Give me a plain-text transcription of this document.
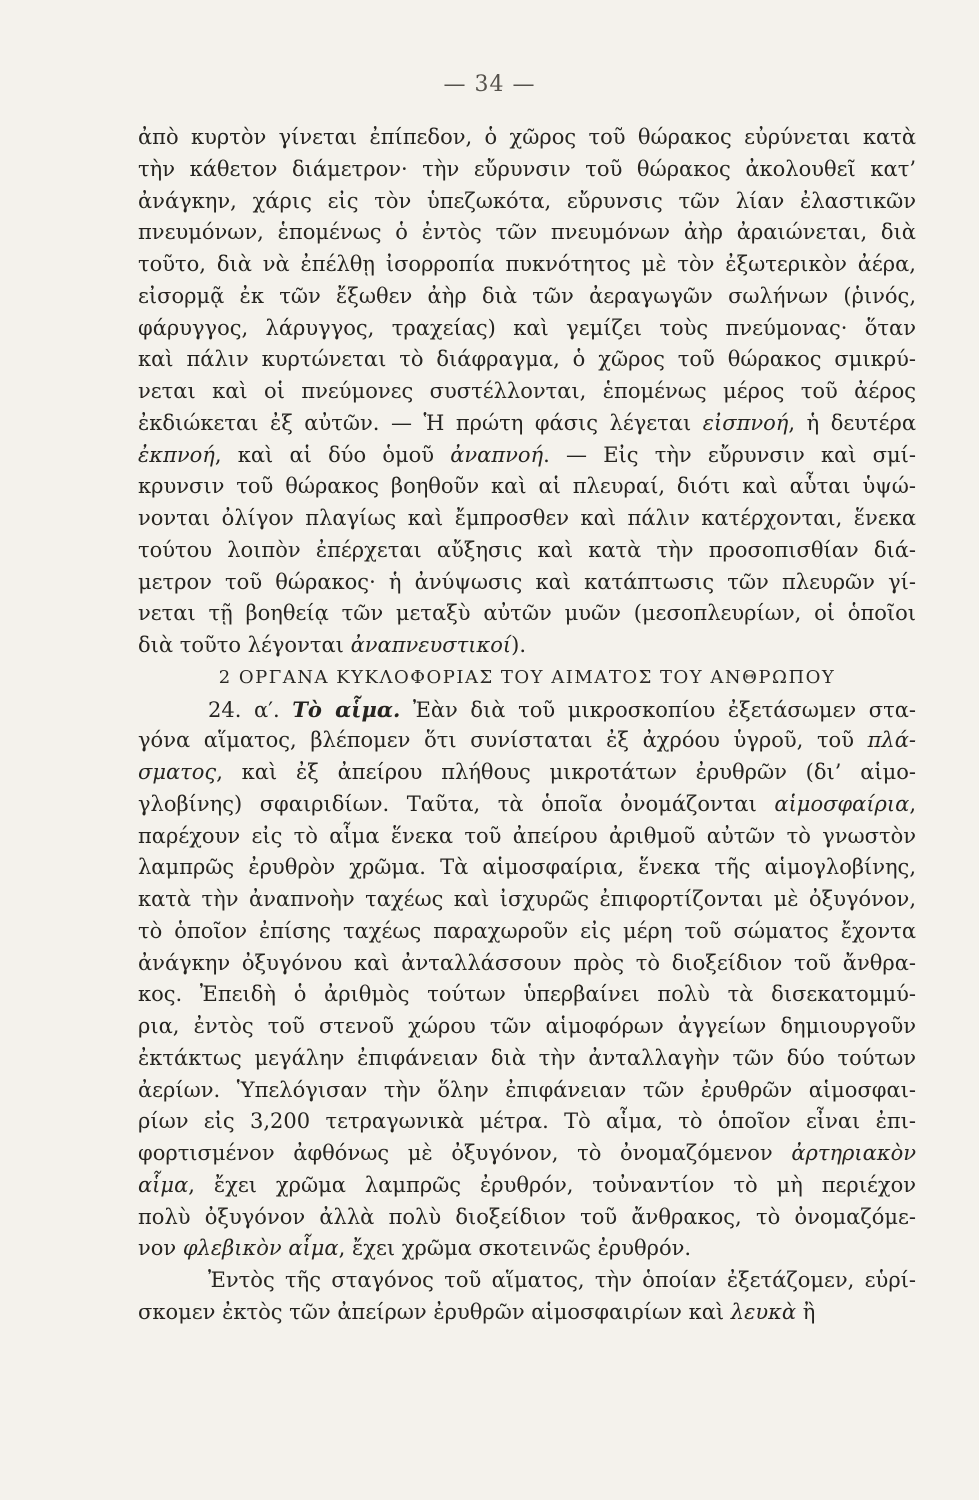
— 34 —
ἀπὸ κυρτὸν γίνεται ἐπίπεδον, ὁ χῶρος τοῦ θώρακος εὐρύνεται κατὰ
τὴν κάθετον διάμετρον· τὴν εὔρυνσιν τοῦ θώρακος ἀκολουθεῖ κατ’
ἀνάγκην, χάρις εἰς τὸν ὑπεζωκότα, εὔρυνσις τῶν λίαν ἐλαστικῶν
πνευμόνων, ἑπομένως ὁ ἐντὸς τῶν πνευμόνων ἀὴρ ἀραιώνεται, διὰ
τοῦτο, διὰ νὰ ἐπέλθῃ ἰσορροπία πυκνότητος μὲ τὸν ἐξωτερικὸν ἀέρα,
εἰσορμᾷ ἐκ τῶν ἔξωθεν ἀὴρ διὰ τῶν ἀεραγωγῶν σωλήνων (ῥινός,
φάρυγγος, λάρυγγος, τραχείας) καὶ γεμίζει τοὺς πνεύμονας· ὅταν
καὶ πάλιν κυρτώνεται τὸ διάφραγμα, ὁ χῶρος τοῦ θώρακος σμικρύ-
νεται καὶ οἱ πνεύμονες συστέλλονται, ἑπομένως μέρος τοῦ ἀέρος
ἐκδιώκεται ἐξ αὐτῶν. — Ἡ πρώτη φάσις λέγεται εἰσπνοή, ἡ δευτέρα
ἐκπνοή, καὶ αἱ δύο ὁμοῦ ἀναπνοή. — Εἰς τὴν εὔρυνσιν καὶ σμί-
κρυνσιν τοῦ θώρακος βοηθοῦν καὶ αἱ πλευραί, διότι καὶ αὗται ὑψώ-
νονται ὀλίγον πλαγίως καὶ ἔμπροσθεν καὶ πάλιν κατέρχονται, ἕνεκα
τούτου λοιπὸν ἐπέρχεται αὔξησις καὶ κατὰ τὴν προσοπισθίαν διά-
μετρον τοῦ θώρακος· ἡ ἀνύψωσις καὶ κατάπτωσις τῶν πλευρῶν γί-
νεται τῇ βοηθείᾳ τῶν μεταξὺ αὐτῶν μυῶν (μεσοπλευρίων, οἱ ὁποῖοι
διὰ τοῦτο λέγονται ἀναπνευστικοί).
2 ΟΡΓΑΝΑ ΚΥΚΛΟΦΟΡΙΑΣ ΤΟΥ ΑΙΜΑΤΟΣ ΤΟΥ ΑΝΘΡΩΠΟΥ
24. α′. Τὸ αἷμα. Ἐὰν διὰ τοῦ μικροσκοπίου ἐξετάσωμεν στα-
γόνα αἵματος, βλέπομεν ὅτι συνίσταται ἐξ ἀχρόου ὑγροῦ, τοῦ πλά-
σματος, καὶ ἐξ ἀπείρου πλήθους μικροτάτων ἐρυθρῶν (δι’ αἱμο-
γλοβίνης) σφαιριδίων. Ταῦτα, τὰ ὁποῖα ὀνομάζονται αἱμοσφαίρια,
παρέχουν εἰς τὸ αἷμα ἕνεκα τοῦ ἀπείρου ἀριθμοῦ αὐτῶν τὸ γνωστὸν
λαμπρῶς ἐρυθρὸν χρῶμα. Τὰ αἱμοσφαίρια, ἕνεκα τῆς αἱμογλοβίνης,
κατὰ τὴν ἀναπνοὴν ταχέως καὶ ἰσχυρῶς ἐπιφορτίζονται μὲ ὀξυγόνον,
τὸ ὁποῖον ἐπίσης ταχέως παραχωροῦν εἰς μέρη τοῦ σώματος ἔχοντα
ἀνάγκην ὀξυγόνου καὶ ἀνταλλάσσουν πρὸς τὸ διοξείδιον τοῦ ἄνθρα-
κος. Ἐπειδὴ ὁ ἀριθμὸς τούτων ὑπερβαίνει πολὺ τὰ δισεκατομμύ-
ρια, ἐντὸς τοῦ στενοῦ χώρου τῶν αἱμοφόρων ἀγγείων δημιουργοῦν
ἐκτάκτως μεγάλην ἐπιφάνειαν διὰ τὴν ἀνταλλαγὴν τῶν δύο τούτων
ἀερίων. Ὑπελόγισαν τὴν ὅλην ἐπιφάνειαν τῶν ἐρυθρῶν αἱμοσφαι-
ρίων εἰς 3,200 τετραγωνικὰ μέτρα. Τὸ αἷμα, τὸ ὁποῖον εἶναι ἐπι-
φορτισμένον ἀφθόνως μὲ ὀξυγόνον, τὸ ὀνομαζόμενον ἀρτηριακὸν
αἷμα, ἔχει χρῶμα λαμπρῶς ἐρυθρόν, τοὐναντίον τὸ μὴ περιέχον
πολὺ ὀξυγόνον ἀλλὰ πολὺ διοξείδιον τοῦ ἄνθρακος, τὸ ὀνομαζόμε-
νον φλεβικὸν αἷμα, ἔχει χρῶμα σκοτεινῶς ἐρυθρόν.
Ἐντὸς τῆς σταγόνος τοῦ αἵματος, τὴν ὁποίαν ἐξετάζομεν, εὑρί-
σκομεν ἐκτὸς τῶν ἀπείρων ἐρυθρῶν αἱμοσφαιρίων καὶ λευκὰ ἢ
